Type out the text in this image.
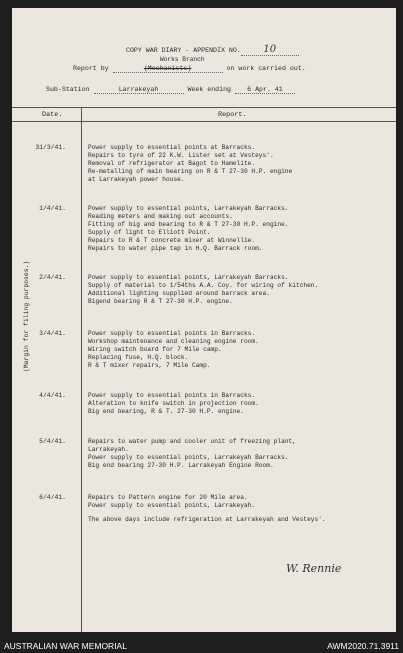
COPY WAR DIARY - APPENDIX NO. 10
Works Branch
Report by	(Mechanists)	on work carried out.
Sub-Station	Larrakeyah	Week ending 6 Apr. 41
Date.	Report.
(Margin for filing purposes.)
31/3/41.	Power supply to essential points at Barracks.
Repairs to tyre of 22 K.W. Lister set at Vesteys'.
Removal of refrigerator at Bagot to Hamelite.
Re-metalling of main bearing on R & T 27-30 H.P. engine
at Larrakeyah power house.
1/4/41.	Power supply to essential points, Larrakeyah Barracks.
Reading meters and making out accounts.
Fitting of big and bearing to R & T 27-30 H.P. engine.
Supply of light to Elliott Point.
Repairs to R & T concrete mixer at Winnellie.
Repairs to water pipe tap in H.Q. Barrack room.
2/4/41.	Power supply to essential points, Larrakeyah Barracks.
Supply of material to 1/54ths A.A. Coy. for wiring of kitchen.
Additional lighting supplied around barrack area.
Bigend bearing R & T 27-30 H.P. engine.
3/4/41.	Power supply to essential points in Barracks.
Workshop maintenance and cleaning engine room.
Wiring switch board for 7 Mile camp.
Replacing fuse, H.Q. block.
R & T mixer repairs, 7 Mile Camp.
4/4/41.	Power supply to essential points in Barracks.
Alteration to knife switch in projection room.
Big end bearing, R & T. 27-30 H.P. engine.
5/4/41.	Repairs to water pump and cooler unit of freezing plant,
Larrakeyah.
Power supply to essential points, Larrakeyah Barracks.
Big end bearing 27-30 H.P. Larrakeyah Engine Room.
6/4/41.	Repairs to Pattern engine for 20 Mile area.
Power supply to essential points, Larrakeyah.
The above days include refrigeration at Larrakeyah and Vesteys'.
W. Rennie
AUSTRALIAN WAR MEMORIAL	AWM2020.71.3911
